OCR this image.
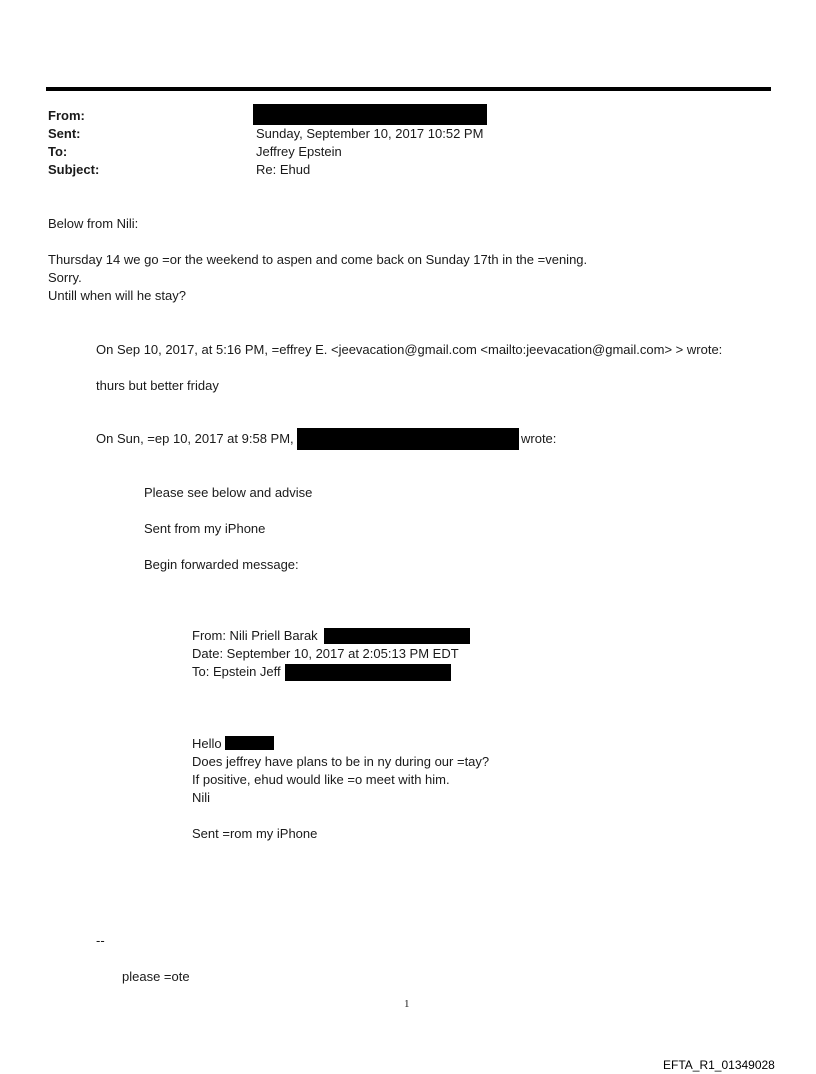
From:
Sent:	Sunday, September 10, 2017 10:52 PM
To:	Jeffrey Epstein
Subject:	Re: Ehud
Below from Nili:
Thursday 14 we go =or the weekend to aspen and come back on Sunday 17th in the =vening.
Sorry.
Untill when will he stay?
On Sep 10, 2017, at 5:16 PM, =effrey E. <jeevacation@gmail.com <mailto:jeevacation@gmail.com> > wrote:
thurs but better friday
On Sun, =ep 10, 2017 at 9:58 PM,	wrote:
Please see below and advise
Sent from my iPhone
Begin forwarded message:
From: Nili Priell Barak
Date: September 10, 2017 at 2:05:13 PM EDT
To: Epstein Jeff
Hello
Does jeffrey have plans to be in ny during our =tay?
If positive, ehud would like =o meet with him.
Nili
Sent =rom my iPhone
--
please =ote
1
EFTA_R1_01349028
